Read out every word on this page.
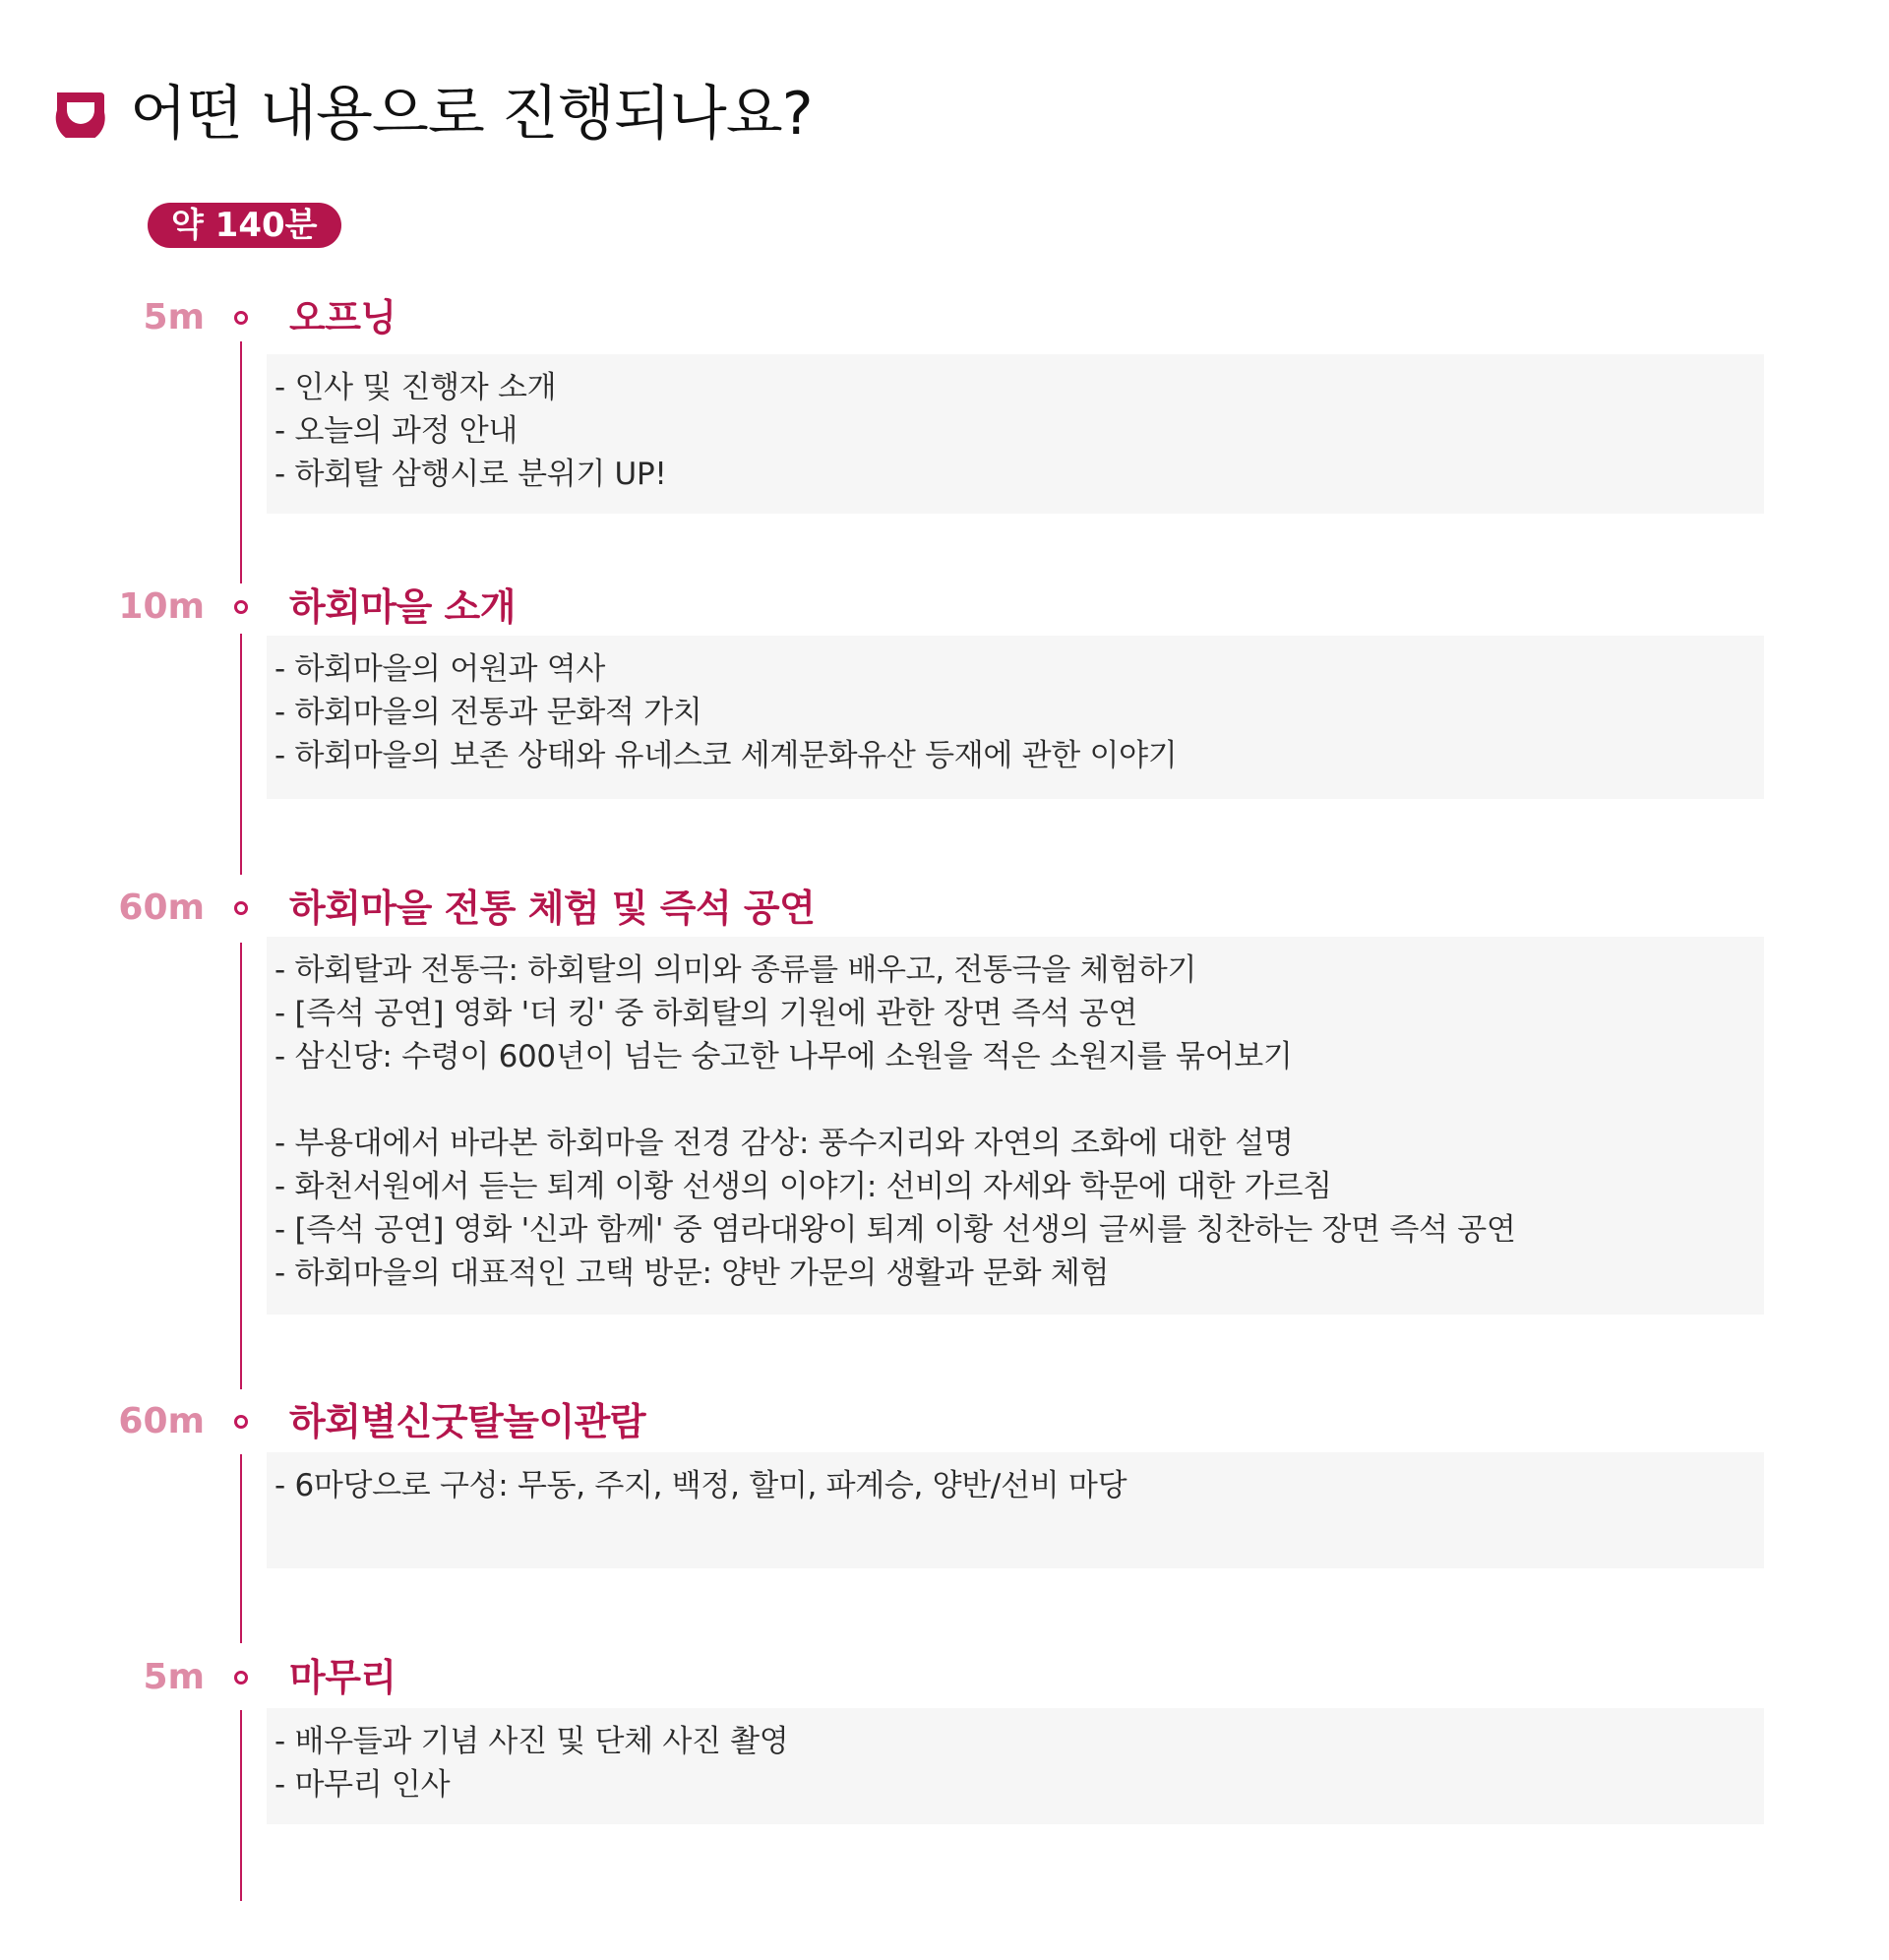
어떤 내용으로 진행되나요?
약 140분
5m 오프닝
- 인사 및 진행자 소개
- 오늘의 과정 안내
- 하회탈 삼행시로 분위기 UP!
10m 하회마을 소개
- 하회마을의 어원과 역사
- 하회마을의 전통과 문화적 가치
- 하회마을의 보존 상태와 유네스코 세계문화유산 등재에 관한 이야기
60m 하회마을 전통 체험 및 즉석 공연
- 하회탈과 전통극: 하회탈의 의미와 종류를 배우고, 전통극을 체험하기
- [즉석 공연] 영화 '더 킹' 중 하회탈의 기원에 관한 장면 즉석 공연
- 삼신당: 수령이 600년이 넘는 숭고한 나무에 소원을 적은 소원지를 묶어보기
- 부용대에서 바라본 하회마을 전경 감상: 풍수지리와 자연의 조화에 대한 설명
- 화천서원에서 듣는 퇴계 이황 선생의 이야기: 선비의 자세와 학문에 대한 가르침
- [즉석 공연] 영화 '신과 함께' 중 염라대왕이 퇴계 이황 선생의 글씨를 칭찬하는 장면 즉석 공연
- 하회마을의 대표적인 고택 방문: 양반 가문의 생활과 문화 체험
60m 하회별신굿탈놀이관람
- 6마당으로 구성: 무동, 주지, 백정, 할미, 파계승, 양반/선비 마당
5m 마무리
- 배우들과 기념 사진 및 단체 사진 촬영
- 마무리 인사
